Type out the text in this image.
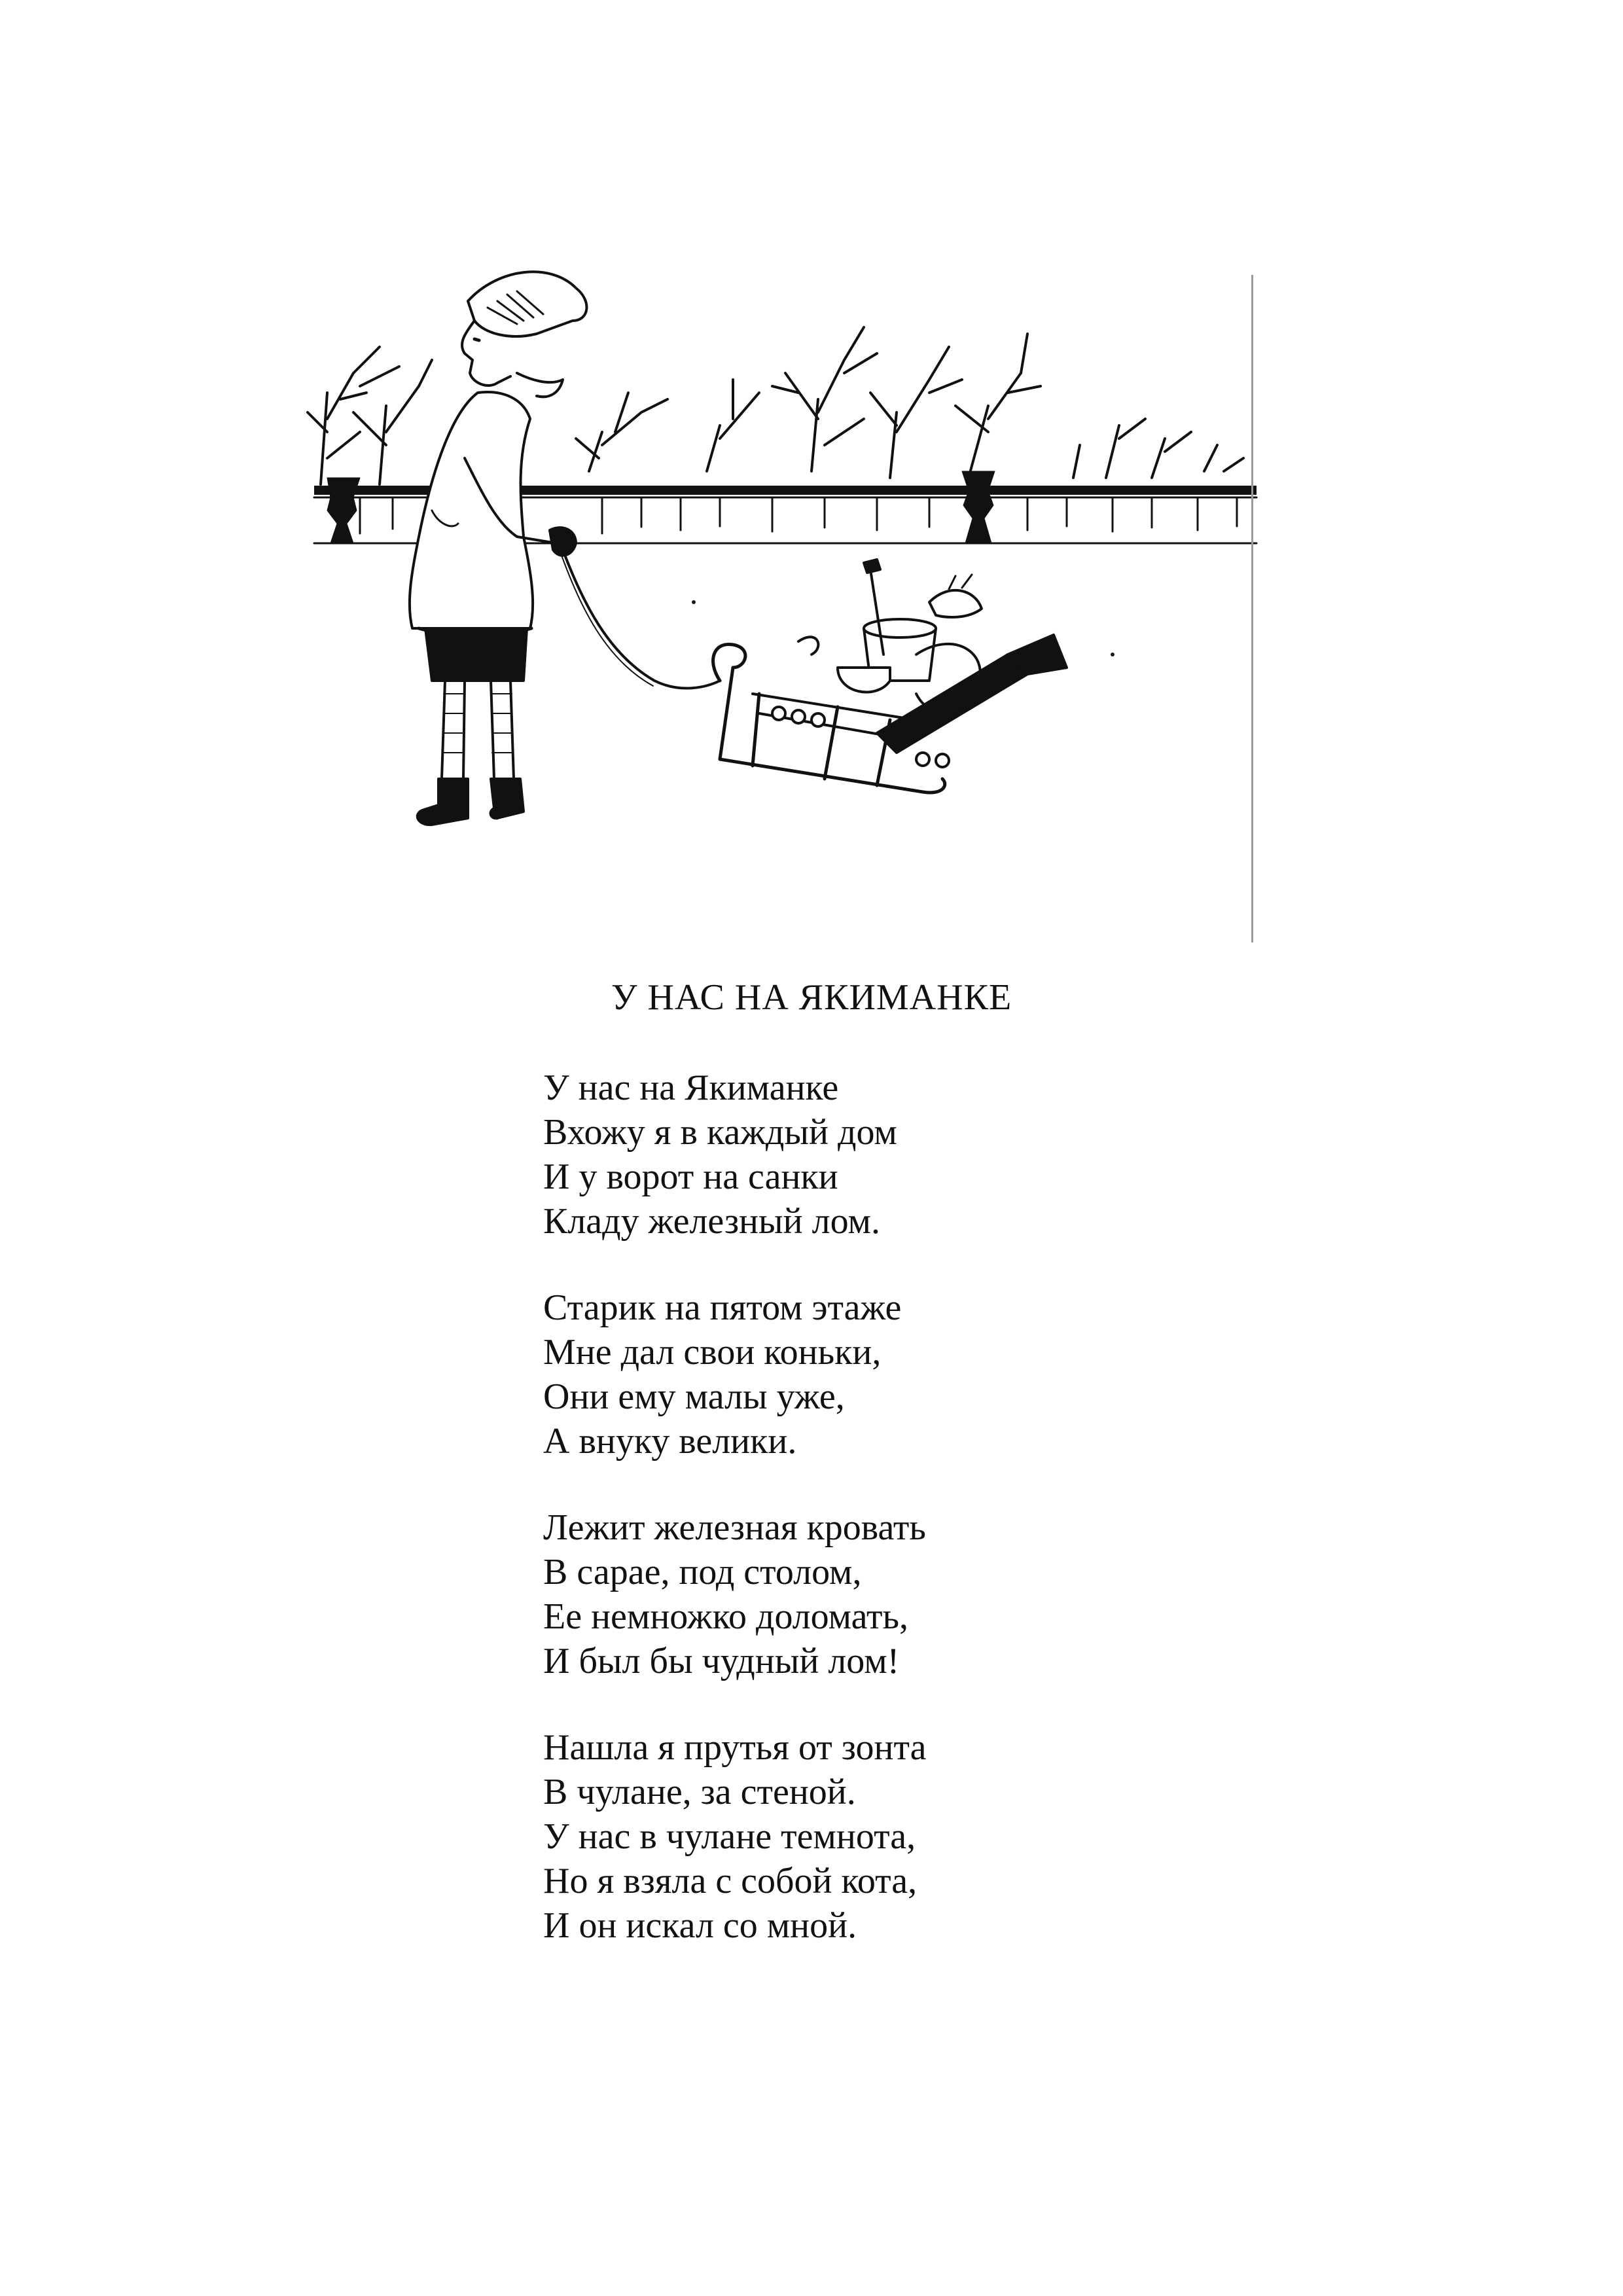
У НАС НА ЯКИМАНКЕ
У нас на Якиманке
Вхожу я в каждый дом
И у ворот на санки
Кладу железный лом.
Старик на пятом этаже
Мне дал свои коньки,
Они ему малы уже,
А внуку велики.
Лежит железная кровать
В сарае, под столом,
Ее немножко доломать,
И был бы чудный лом!
Нашла я прутья от зонта
В чулане, за стеной.
У нас в чулане темнота,
Но я взяла с собой кота,
И он искал со мной.
